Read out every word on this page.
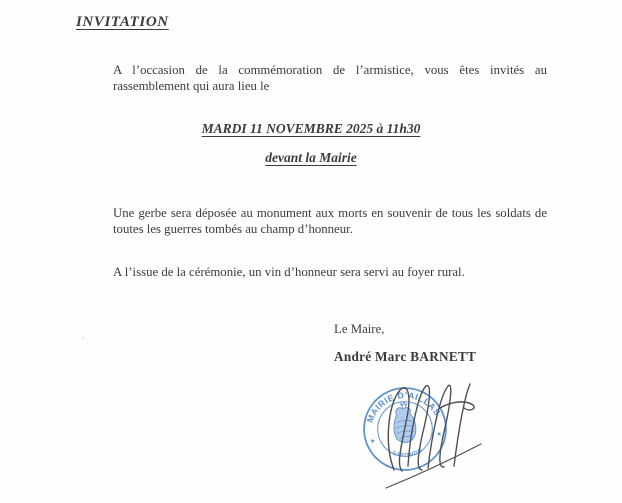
INVITATION

A l’occasion de la commémoration de l’armistice, vous êtes invités au rassemblement qui aura lieu le

MARDI 11 NOVEMBRE 2025 à 11h30
devant la Mairie

Une gerbe sera déposée au monument aux morts en souvenir de tous les soldats de toutes les guerres tombés au champ d’honneur.

A l’issue de la cérémonie, un vin d’honneur sera servi au foyer rural.

Le Maire,
André Marc BARNETT
MAIRIE D’AILLAS
GIRONDE
★
★
